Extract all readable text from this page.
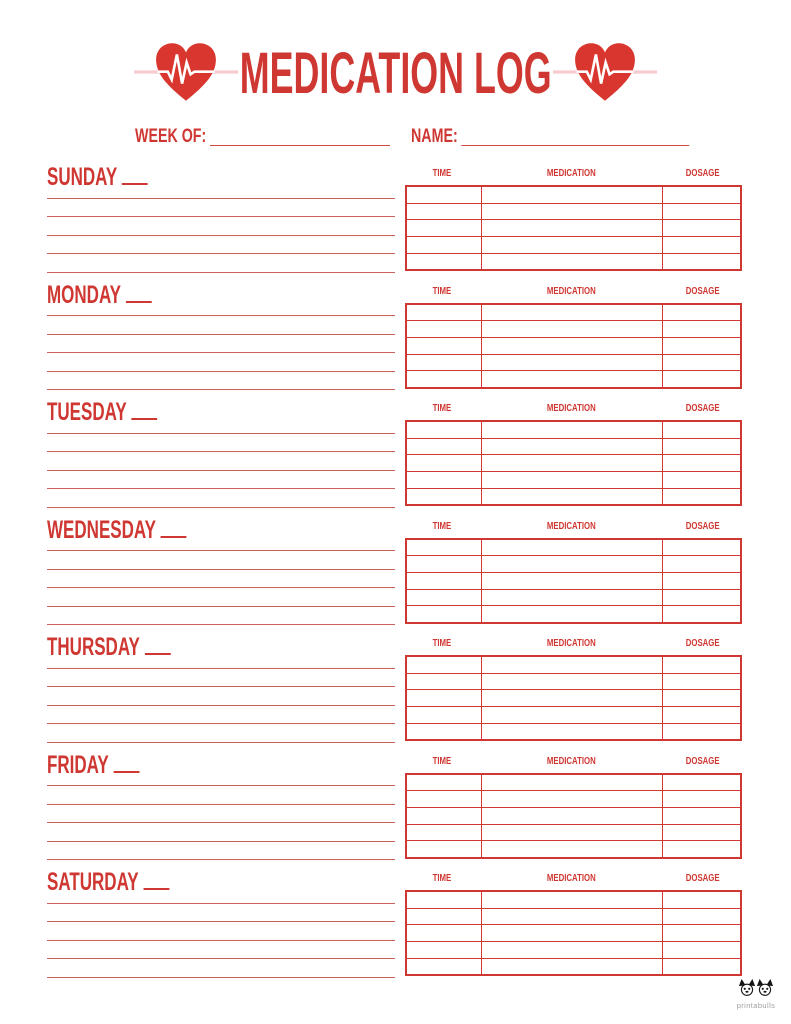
MEDICATION LOG
WEEK OF:	NAME:
SUNDAY	TIME	MEDICATION	DOSAGE
MONDAY	TIME	MEDICATION	DOSAGE
TUESDAY	TIME	MEDICATION	DOSAGE
WEDNESDAY	TIME	MEDICATION	DOSAGE
THURSDAY	TIME	MEDICATION	DOSAGE
FRIDAY	TIME	MEDICATION	DOSAGE
SATURDAY	TIME	MEDICATION	DOSAGE
printabulls
